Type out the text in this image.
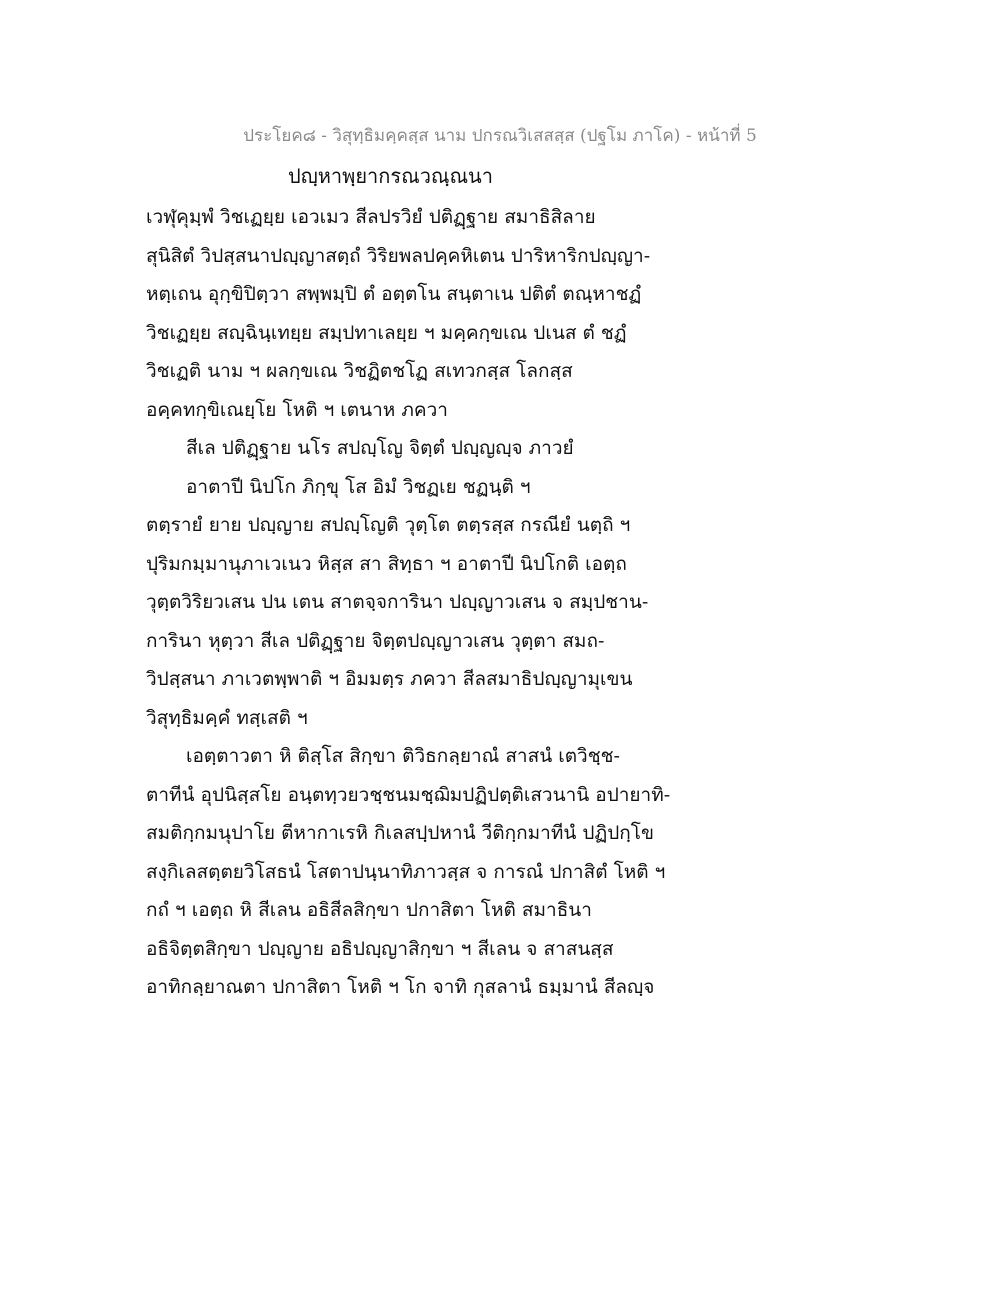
ประโยค๘ - วิสุทฺธิมคฺคสฺส นาม ปกรณวิเสสสฺส (ปฐโม ภาโค) - หน้าที่ 5
ปญฺหาพฺยากรณวณฺณนา
เวฬุคุมฺพํ วิชเฏยฺย เอวเมว สีลปรวิยํ ปติฏฺฐาย สมาธิสิลาย
สุนิสิตํ วิปสฺสนาปญฺญาสตฺถํ วิริยพลปคฺคหิเตน ปาริหาริกปญฺญา-
หตฺเถน อุกฺขิปิตฺวา สพฺพมฺปิ ตํ อตฺตโน สนฺตาเน ปติตํ ตณฺหาชฏํ
วิชเฏยฺย สญฺฉินฺเทยฺย สมฺปทาเลยฺย ฯ มคฺคกฺขเณ ปเนส ตํ ชฏํ
วิชเฏติ นาม ฯ ผลกฺขเณ วิชฏิตชโฏ สเทวกสฺส โลกสฺส
อคฺคทกฺขิเณยฺโย โหติ ฯ เตนาห ภควา
สีเล ปติฏฺฐาย นโร สปญฺโญ จิตฺตํ ปญฺญญฺจ ภาวยํ
อาตาปี นิปโก ภิกฺขุ โส อิมํ วิชฏเย ชฏนฺติ ฯ
ตตฺรายํ ยาย ปญฺญาย สปญฺโญติ วุตฺโต ตตฺรสฺส กรณียํ นตฺถิ ฯ
ปุริมกมฺมานุภาเวเนว หิสฺส สา สิทฺธา ฯ อาตาปี นิปโกติ เอตฺถ
วุตฺตวิริยวเสน ปน เตน สาตจฺจการินา ปญฺญาวเสน จ สมฺปชาน-
การินา หุตฺวา สีเล ปติฏฺฐาย จิตฺตปญฺญาวเสน วุตฺตา สมถ-
วิปสฺสนา ภาเวตพฺพาติ ฯ อิมมตฺร ภควา สีลสมาธิปญฺญามุเขน
วิสุทฺธิมคฺคํ ทสฺเสติ ฯ
เอตฺตาวตา หิ ติสฺโส สิกฺขา ติวิธกลฺยาณํ สาสนํ เตวิชฺช-
ตาทีนํ อุปนิสฺสโย อนฺตทฺวยวชฺชนมชฺฌิมปฏิปตฺติเสวนานิ อปายาทิ-
สมติกฺกมนุปาโย ตีหากาเรหิ กิเลสปฺปหานํ วีติกฺกมาทีนํ ปฏิปกฺโข
สงฺกิเลสตฺตยวิโสธนํ โสตาปนฺนาทิภาวสฺส จ การณํ ปกาสิตํ โหติ ฯ
กถํ ฯ เอตฺถ หิ สีเลน อธิสีลสิกฺขา ปกาสิตา โหติ สมาธินา
อธิจิตฺตสิกฺขา ปญฺญาย อธิปญฺญาสิกฺขา ฯ สีเลน จ สาสนสฺส
อาทิกลฺยาณตา ปกาสิตา โหติ ฯ โก จาทิ กุสลานํ ธมฺมานํ สีลญฺจ
